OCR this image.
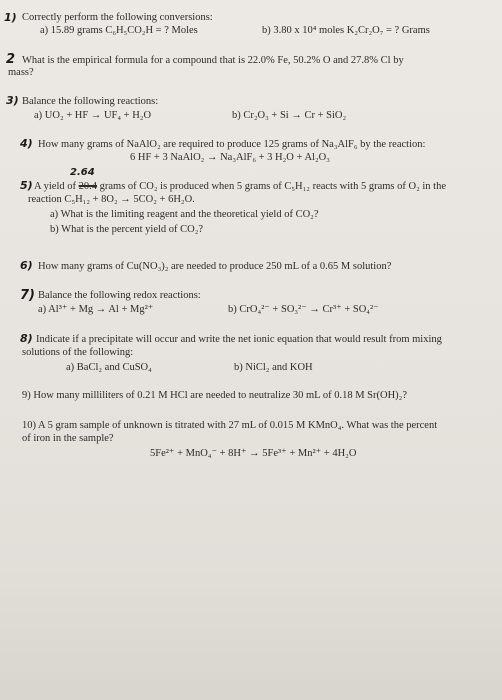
1) Correctly perform the following conversions:
a) 15.89 grams C₆H₅CO₂H = ? Moles	b) 3.80 x 10⁴ moles K₂Cr₂O₇ = ? Grams
2 What is the empirical formula for a compound that is 22.0% Fe, 50.2% O and 27.8% Cl by
mass?
3) Balance the following reactions:
a) UO₂ + HF → UF₄ + H₂O	b) Cr₂O₃ + Si → Cr + SiO₂
4) How many grams of NaAlO₂ are required to produce 125 grams of Na₃AlF₆ by the reaction:
6 HF + 3 NaAlO₂ → Na₃AlF₆ + 3 H₂O + Al₂O₃
2.64
5) A yield of 20.4 grams of CO₂ is produced when 5 grams of C₅H₁₂ reacts with 5 grams of O₂ in the
reaction C₅H₁₂ + 8O₂ → 5CO₂ + 6H₂O.
a) What is the limiting reagent and the theoretical yield of CO₂?
b) What is the percent yield of CO₂?
6) How many grams of Cu(NO₃)₂ are needed to produce 250 mL of a 0.65 M solution?
7) Balance the following redox reactions:
a) Al³⁺ + Mg → Al + Mg²⁺	b) CrO₄²⁻ + SO₃²⁻ → Cr³⁺ + SO₄²⁻
8) Indicate if a precipitate will occur and write the net ionic equation that would result from mixing
solutions of the following:
a) BaCl₂ and CuSO₄	b) NiCl₂ and KOH
9) How many milliliters of 0.21 M HCl are needed to neutralize 30 mL of 0.18 M Sr(OH)₂?
10) A 5 gram sample of unknown is titrated with 27 mL of 0.015 M KMnO₄. What was the percent
of iron in the sample?
5Fe²⁺ + MnO₄⁻ + 8H⁺ → 5Fe³⁺ + Mn²⁺ + 4H₂O
